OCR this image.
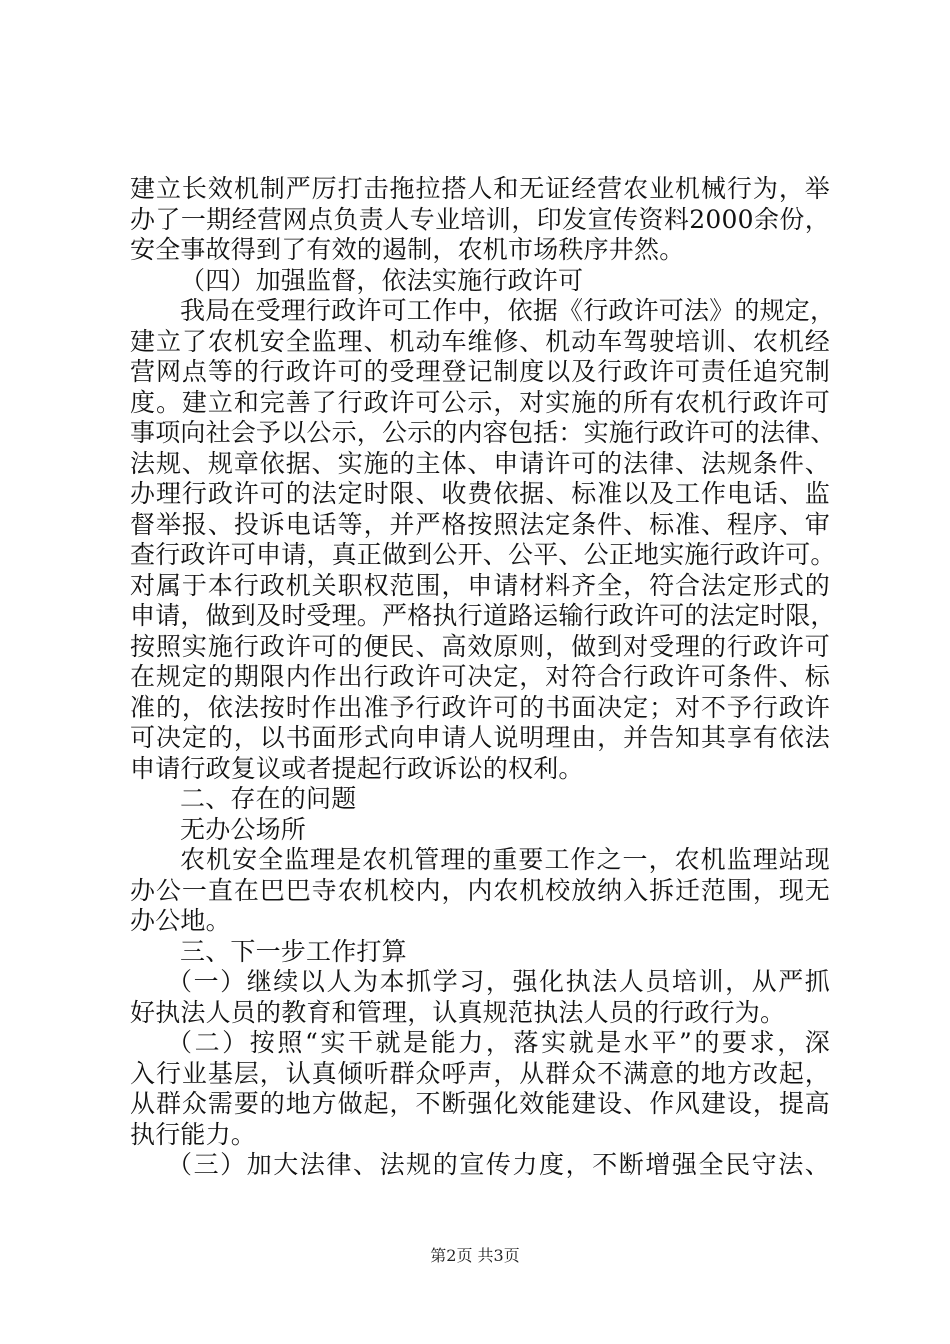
建立长效机制严厉打击拖拉搭人和无证经营农业机械行为，举
办了一期经营网点负责人专业培训，印发宣传资料2000余份，
安全事故得到了有效的遏制，农机市场秩序井然。
（四）加强监督，依法实施行政许可
我局在受理行政许可工作中，依据《行政许可法》的规定，
建立了农机安全监理、机动车维修、机动车驾驶培训、农机经
营网点等的行政许可的受理登记制度以及行政许可责任追究制
度。建立和完善了行政许可公示，对实施的所有农机行政许可
事项向社会予以公示，公示的内容包括：实施行政许可的法律、
法规、规章依据、实施的主体、申请许可的法律、法规条件、
办理行政许可的法定时限、收费依据、标准以及工作电话、监
督举报、投诉电话等，并严格按照法定条件、标准、程序、审
查行政许可申请，真正做到公开、公平、公正地实施行政许可。
对属于本行政机关职权范围，申请材料齐全，符合法定形式的
申请，做到及时受理。严格执行道路运输行政许可的法定时限，
按照实施行政许可的便民、高效原则，做到对受理的行政许可
在规定的期限内作出行政许可决定，对符合行政许可条件、标
准的，依法按时作出准予行政许可的书面决定；对不予行政许
可决定的，以书面形式向申请人说明理由，并告知其享有依法
申请行政复议或者提起行政诉讼的权利。
二、存在的问题
无办公场所
农机安全监理是农机管理的重要工作之一，农机监理站现
办公一直在巴巴寺农机校内，内农机校放纳入拆迁范围，现无
办公地。
三、下一步工作打算
（一）继续以人为本抓学习，强化执法人员培训，从严抓
好执法人员的教育和管理，认真规范执法人员的行政行为。
（二）按照“实干就是能力，落实就是水平”的要求，深
入行业基层，认真倾听群众呼声，从群众不满意的地方改起，
从群众需要的地方做起，不断强化效能建设、作风建设，提高
执行能力。
（三）加大法律、法规的宣传力度，不断增强全民守法、
第2页 共3页
